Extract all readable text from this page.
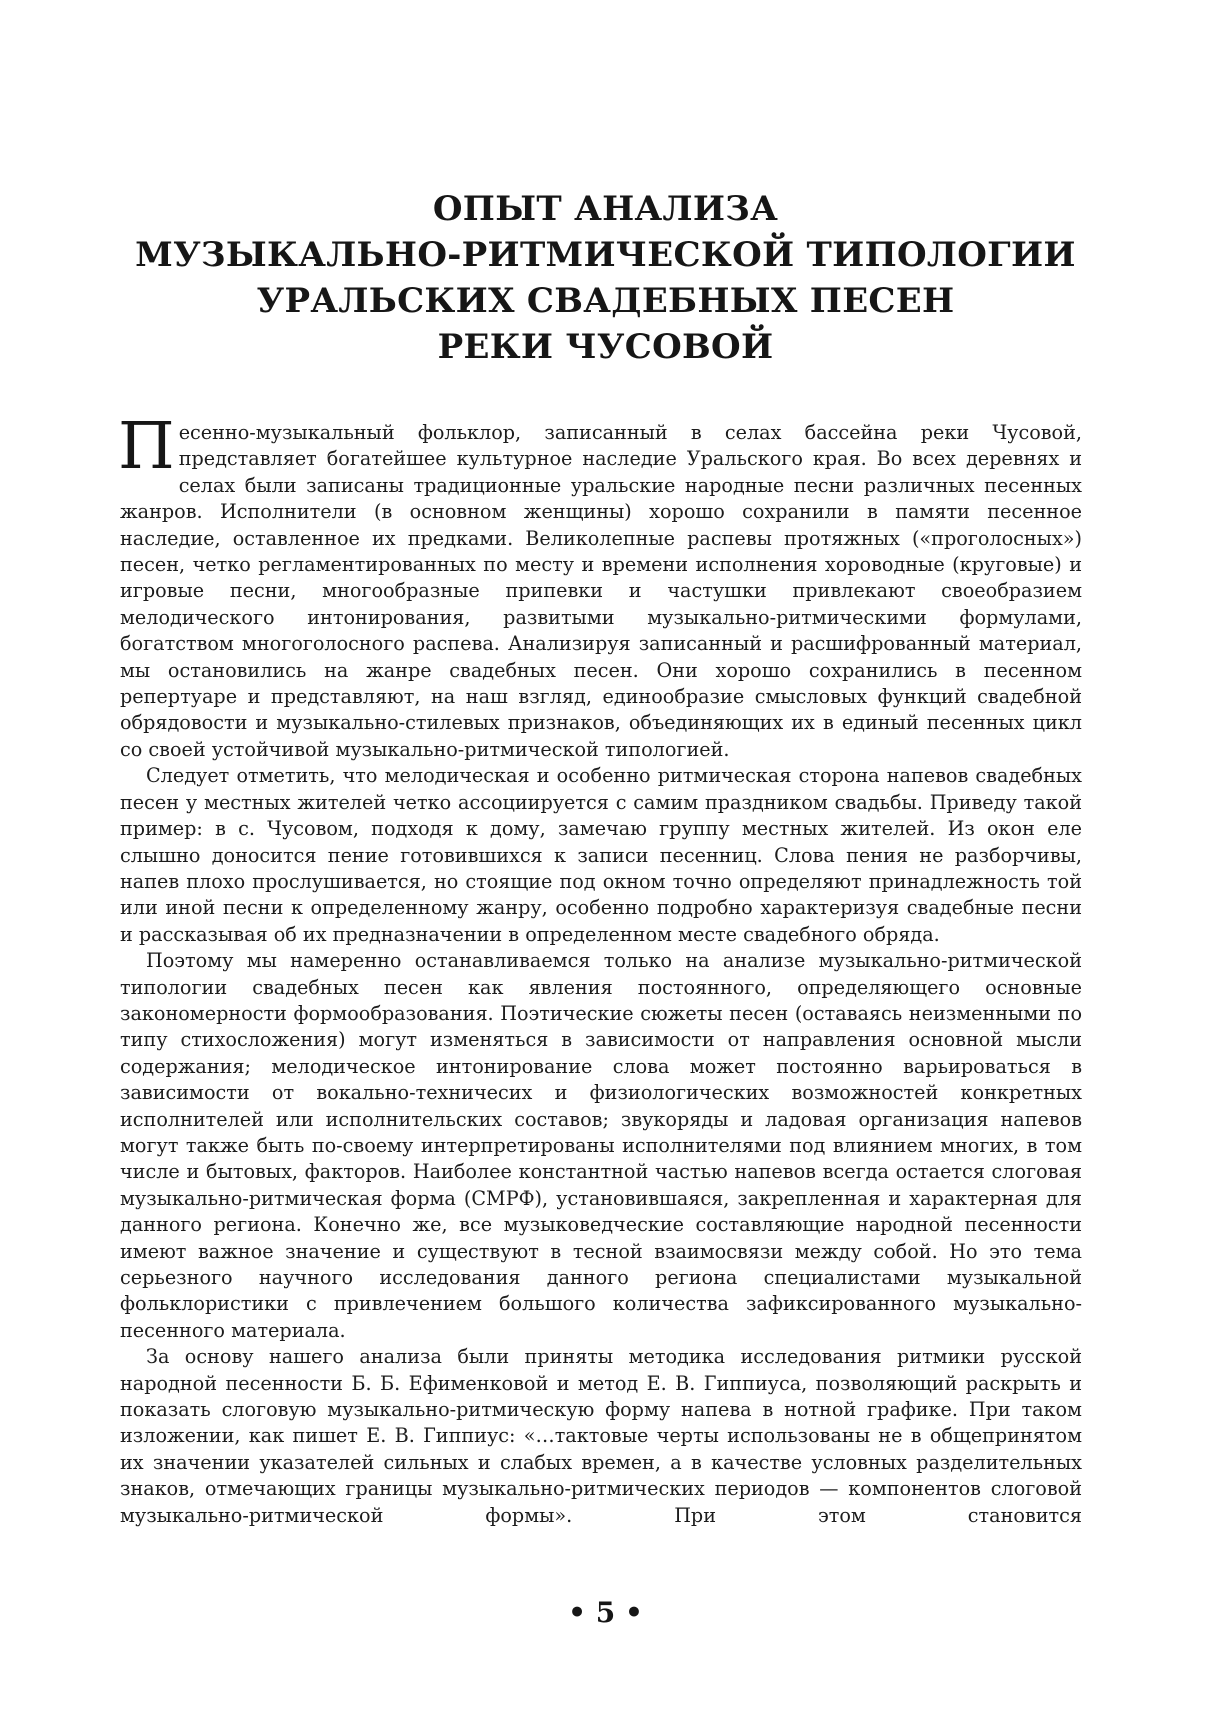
ОПЫТ АНАЛИЗА
МУЗЫКАЛЬНО-РИТМИЧЕСКОЙ ТИПОЛОГИИ
УРАЛЬСКИХ СВАДЕБНЫХ ПЕСЕН
РЕКИ ЧУСОВОЙ

Песенно-музыкальный фольклор, записанный в селах бассейна реки Чусовой, представляет богатейшее культурное наследие Уральского края. Во всех деревнях и селах были записаны традиционные уральские народные песни различных песенных жанров. Исполнители (в основном женщины) хорошо сохранили в памяти песенное наследие, оставленное их предками. Великолепные распевы протяжных («проголосных») песен, четко регламентированных по месту и времени исполнения хороводные (круговые) и игровые песни, многообразные припевки и частушки привлекают своеобразием мелодического интонирования, развитыми музыкально-ритмическими формулами, богатством многоголосного распева. Анализируя записанный и расшифрованный материал, мы остановились на жанре свадебных песен. Они хорошо сохранились в песенном репертуаре и представляют, на наш взгляд, единообразие смысловых функций свадебной обрядовости и музыкально-стилевых признаков, объединяющих их в единый песенных цикл со своей устойчивой музыкально-ритмической типологией.

Следует отметить, что мелодическая и особенно ритмическая сторона напевов свадебных песен у местных жителей четко ассоциируется с самим праздником свадьбы. Приведу такой пример: в с. Чусовом, подходя к дому, замечаю группу местных жителей. Из окон еле слышно доносится пение готовившихся к записи песенниц. Слова пения не разборчивы, напев плохо прослушивается, но стоящие под окном точно определяют принадлежность той или иной песни к определенному жанру, особенно подробно характеризуя свадебные песни и рассказывая об их предназначении в определенном месте свадебного обряда.

Поэтому мы намеренно останавливаемся только на анализе музыкально-ритмической типологии свадебных песен как явления постоянного, определяющего основные закономерности формообразования. Поэтические сюжеты песен (оставаясь неизменными по типу стихосложения) могут изменяться в зависимости от направления основной мысли содержания; мелодическое интонирование слова может постоянно варьироваться в зависимости от вокально-техничесих и физиологических возможностей конкретных исполнителей или исполнительских составов; звукоряды и ладовая организация напевов могут также быть по-своему интерпретированы исполнителями под влиянием многих, в том числе и бытовых, факторов. Наиболее константной частью напевов всегда остается слоговая музыкально-ритмическая форма (СМРФ), установившаяся, закрепленная и характерная для данного региона. Конечно же, все музыковедческие составляющие народной песенности имеют важное значение и существуют в тесной взаимосвязи между собой. Но это тема серьезного научного исследования данного региона специалистами музыкальной фольклористики с привлечением большого количества зафиксированного музыкально-песенного материала.

За основу нашего анализа были приняты методика исследования ритмики русской народной песенности Б. Б. Ефименковой и метод Е. В. Гиппиуса, позволяющий раскрыть и показать слоговую музыкально-ритмическую форму напева в нотной графике. При таком изложении, как пишет Е. В. Гиппиус: «…тактовые черты использованы не в общепринятом их значении указателей сильных и слабых времен, а в качестве условных разделительных знаков, отмечающих границы музыкально-ритмических периодов — компонентов слоговой музыкально-ритмической формы». При этом становится

• 5 •
